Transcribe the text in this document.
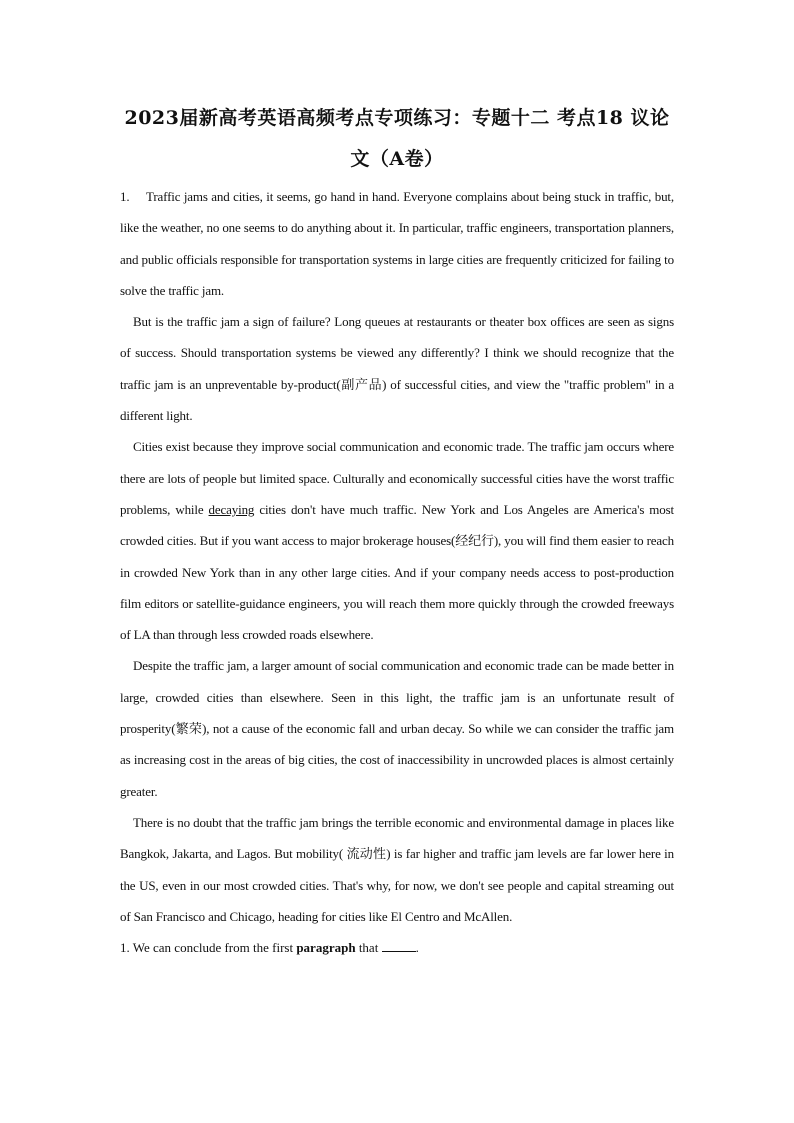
2023届新高考英语高频考点专项练习：专题十二 考点18 议论文（A卷）

1. Traffic jams and cities, it seems, go hand in hand. Everyone complains about being stuck in traffic, but, like the weather, no one seems to do anything about it. In particular, traffic engineers, transportation planners, and public officials responsible for transportation systems in large cities are frequently criticized for failing to solve the traffic jam.

But is the traffic jam a sign of failure? Long queues at restaurants or theater box offices are seen as signs of success. Should transportation systems be viewed any differently? I think we should recognize that the traffic jam is an unpreventable by-product(副产品) of successful cities, and view the "traffic problem" in a different light.

Cities exist because they improve social communication and economic trade. The traffic jam occurs where there are lots of people but limited space. Culturally and economically successful cities have the worst traffic problems, while decaying cities don't have much traffic. New York and Los Angeles are America's most crowded cities. But if you want access to major brokerage houses(经纪行), you will find them easier to reach in crowded New York than in any other large cities. And if your company needs access to post-production film editors or satellite-guidance engineers, you will reach them more quickly through the crowded freeways of LA than through less crowded roads elsewhere.

Despite the traffic jam, a larger amount of social communication and economic trade can be made better in large, crowded cities than elsewhere. Seen in this light, the traffic jam is an unfortunate result of prosperity(繁荣), not a cause of the economic fall and urban decay. So while we can consider the traffic jam as increasing cost in the areas of big cities, the cost of inaccessibility in uncrowded places is almost certainly greater.

There is no doubt that the traffic jam brings the terrible economic and environmental damage in places like Bangkok, Jakarta, and Lagos. But mobility( 流动性) is far higher and traffic jam levels are far lower here in the US, even in our most crowded cities. That's why, for now, we don't see people and capital streaming out of San Francisco and Chicago, heading for cities like El Centro and McAllen.

1. We can conclude from the first paragraph that	.
